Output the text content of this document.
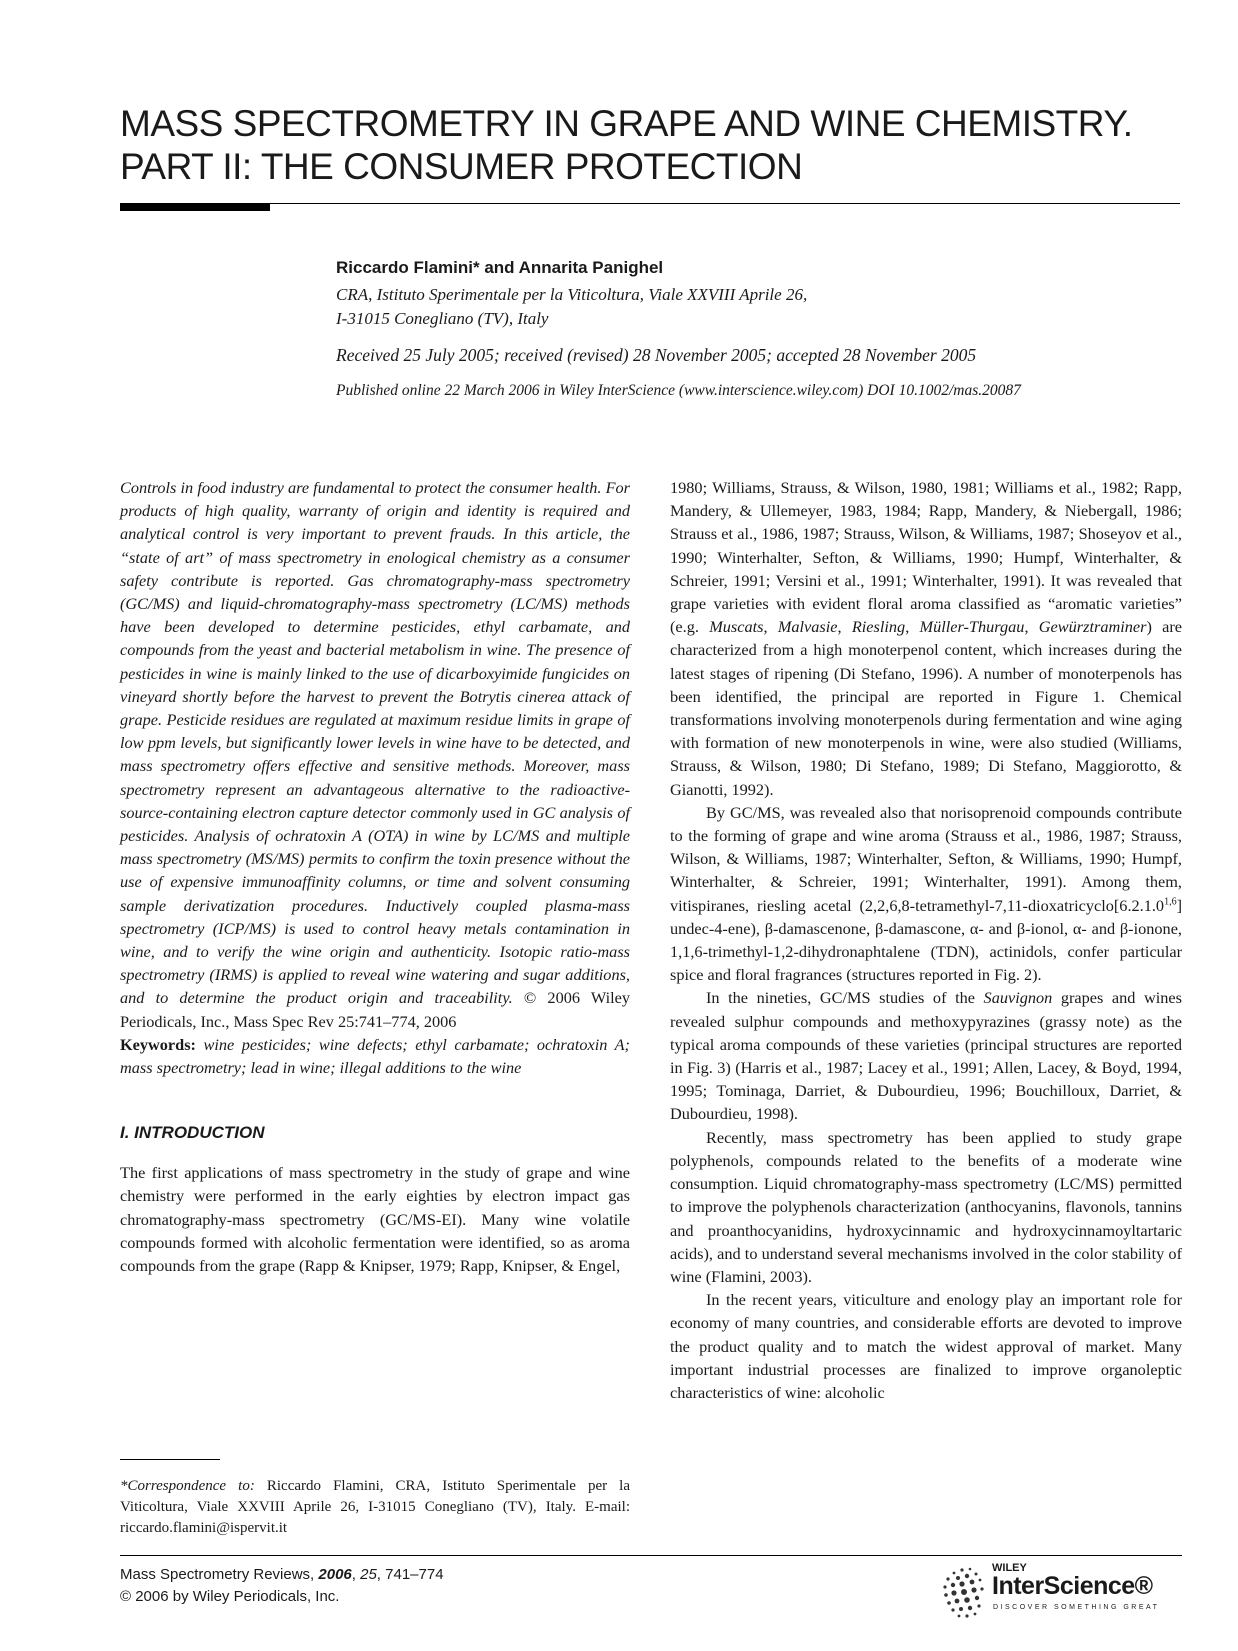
MASS SPECTROMETRY IN GRAPE AND WINE CHEMISTRY.
PART II: THE CONSUMER PROTECTION
Riccardo Flamini* and Annarita Panighel
CRA, Istituto Sperimentale per la Viticoltura, Viale XXVIII Aprile 26,
I-31015 Conegliano (TV), Italy
Received 25 July 2005; received (revised) 28 November 2005; accepted 28 November 2005
Published online 22 March 2006 in Wiley InterScience (www.interscience.wiley.com) DOI 10.1002/mas.20087

Controls in food industry are fundamental to protect the consumer health. For products of high quality, warranty of origin and identity is required and analytical control is very important to prevent frauds. In this article, the “state of art” of mass spectrometry in enological chemistry as a consumer safety contribute is reported. Gas chromatography-mass spectrometry (GC/MS) and liquid-chromatography-mass spectrometry (LC/MS) methods have been developed to determine pesticides, ethyl carbamate, and compounds from the yeast and bacterial metabolism in wine. The presence of pesticides in wine is mainly linked to the use of dicarboxyimide fungicides on vineyard shortly before the harvest to prevent the Botrytis cinerea attack of grape. Pesticide residues are regulated at maximum residue limits in grape of low ppm levels, but significantly lower levels in wine have to be detected, and mass spectrometry offers effective and sensitive methods. Moreover, mass spectrometry represent an advantageous alternative to the radioactive-source-containing electron capture detector commonly used in GC analysis of pesticides. Analysis of ochratoxin A (OTA) in wine by LC/MS and multiple mass spectrometry (MS/MS) permits to confirm the toxin presence without the use of expensive immunoaffinity columns, or time and solvent consuming sample derivatization procedures. Inductively coupled plasma-mass spectrometry (ICP/MS) is used to control heavy metals contamination in wine, and to verify the wine origin and authenticity. Isotopic ratio-mass spectrometry (IRMS) is applied to reveal wine watering and sugar additions, and to determine the product origin and traceability. © 2006 Wiley Periodicals, Inc., Mass Spec Rev 25:741–774, 2006

Keywords: wine pesticides; wine defects; ethyl carbamate; ochratoxin A; mass spectrometry; lead in wine; illegal additions to the wine

I. INTRODUCTION

The first applications of mass spectrometry in the study of grape and wine chemistry were performed in the early eighties by electron impact gas chromatography-mass spectrometry (GC/MS-EI). Many wine volatile compounds formed with alcoholic fermentation were identified, so as aroma compounds from the grape (Rapp & Knipser, 1979; Rapp, Knipser, & Engel,

1980; Williams, Strauss, & Wilson, 1980, 1981; Williams et al., 1982; Rapp, Mandery, & Ullemeyer, 1983, 1984; Rapp, Mandery, & Niebergall, 1986; Strauss et al., 1986, 1987; Strauss, Wilson, & Williams, 1987; Shoseyov et al., 1990; Winterhalter, Sefton, & Williams, 1990; Humpf, Winterhalter, & Schreier, 1991; Versini et al., 1991; Winterhalter, 1991). It was revealed that grape varieties with evident floral aroma classified as “aromatic varieties” (e.g. Muscats, Malvasie, Riesling, Müller-Thurgau, Gewürztraminer) are characterized from a high monoterpenol content, which increases during the latest stages of ripening (Di Stefano, 1996). A number of monoterpenols has been identified, the principal are reported in Figure 1. Chemical transformations involving monoterpenols during fermentation and wine aging with formation of new monoterpenols in wine, were also studied (Williams, Strauss, & Wilson, 1980; Di Stefano, 1989; Di Stefano, Maggiorotto, & Gianotti, 1992).

By GC/MS, was revealed also that norisoprenoid compounds contribute to the forming of grape and wine aroma (Strauss et al., 1986, 1987; Strauss, Wilson, & Williams, 1987; Winterhalter, Sefton, & Williams, 1990; Humpf, Winterhalter, & Schreier, 1991; Winterhalter, 1991). Among them, vitispiranes, riesling acetal (2,2,6,8-tetramethyl-7,11-dioxatricyclo[6.2.1.0$^{1,6}$] undec-4-ene), β-damascenone, β-damascone, α- and β-ionol, α- and β-ionone, 1,1,6-trimethyl-1,2-dihydronaphtalene (TDN), actinidols, confer particular spice and floral fragrances (structures reported in Fig. 2).

In the nineties, GC/MS studies of the Sauvignon grapes and wines revealed sulphur compounds and methoxypyrazines (grassy note) as the typical aroma compounds of these varieties (principal structures are reported in Fig. 3) (Harris et al., 1987; Lacey et al., 1991; Allen, Lacey, & Boyd, 1994, 1995; Tominaga, Darriet, & Dubourdieu, 1996; Bouchilloux, Darriet, & Dubourdieu, 1998).

Recently, mass spectrometry has been applied to study grape polyphenols, compounds related to the benefits of a moderate wine consumption. Liquid chromatography-mass spectrometry (LC/MS) permitted to improve the polyphenols characterization (anthocyanins, flavonols, tannins and proanthocyanidins, hydroxycinnamic and hydroxycinnamoyltartaric acids), and to understand several mechanisms involved in the color stability of wine (Flamini, 2003).

In the recent years, viticulture and enology play an important role for economy of many countries, and considerable efforts are devoted to improve the product quality and to match the widest approval of market. Many important industrial processes are finalized to improve organoleptic characteristics of wine: alcoholic

*Correspondence to: Riccardo Flamini, CRA, Istituto Sperimentale per la Viticoltura, Viale XXVIII Aprile 26, I-31015 Conegliano (TV), Italy. E-mail: riccardo.flamini@ispervit.it
Mass Spectrometry Reviews, 2006, 25, 741–774
© 2006 by Wiley Periodicals, Inc.
WILEY
InterScience®
DISCOVER SOMETHING GREAT
